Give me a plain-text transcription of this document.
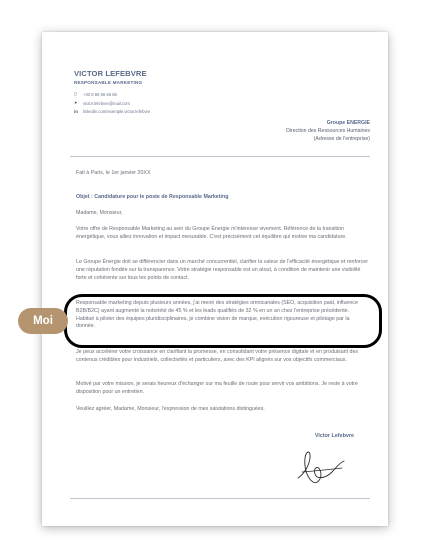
VICTOR LEFEBVRE
RESPONSABLE MARKETING
▯	+33 6 66 66 66 66
➤	victor.lefebvre@mail.com
in	linkedin.com/exemple.victor.lefebvre
Groupe ENERGIE
Direction des Ressources Humaines
(Adresse de l'entreprise)

Fait à Paris, le 1er janvier 20XX

Objet : Candidature pour le poste de Responsable Marketing

Madame, Monsieur,

Votre offre de Responsable Marketing au sein du Groupe Énergie m'intéresse vivement. Référence de la transition énergétique, vous alliez innovation et impact mesurable. C'est précisément cet équilibre qui motive ma candidature.

Le Groupe Énergie doit se différencier dans un marché concurrentiel, clarifier la valeur de l'efficacité énergétique et renforcer une réputation fondée sur la transparence. Votre stratégie responsable est un atout, à condition de maintenir une visibilité forte et cohérente sur tous les points de contact.

Responsable marketing depuis plusieurs années, j'ai mené des stratégies omnicanales (SEO, acquisition paid, influence B2B/B2C) ayant augmenté la notoriété de 45 % et les leads qualifiés de 32 % en un an chez l'entreprise précédente. Habitué à piloter des équipes pluridisciplinaires, je combine vision de marque, exécution rigoureuse et pilotage par la donnée.

Je peux accélérer votre croissance en clarifiant la promesse, en consolidant votre présence digitale et en produisant des contenus crédibles pour industriels, collectivités et particuliers, avec des KPI alignés sur vos objectifs commerciaux.

Motivé par votre mission, je serais heureux d'échanger sur ma feuille de route pour servir vos ambitions. Je reste à votre disposition pour un entretien.

Veuillez agréer, Madame, Monsieur, l'expression de mes salutations distinguées.

Victor Lefebvre
Moi
